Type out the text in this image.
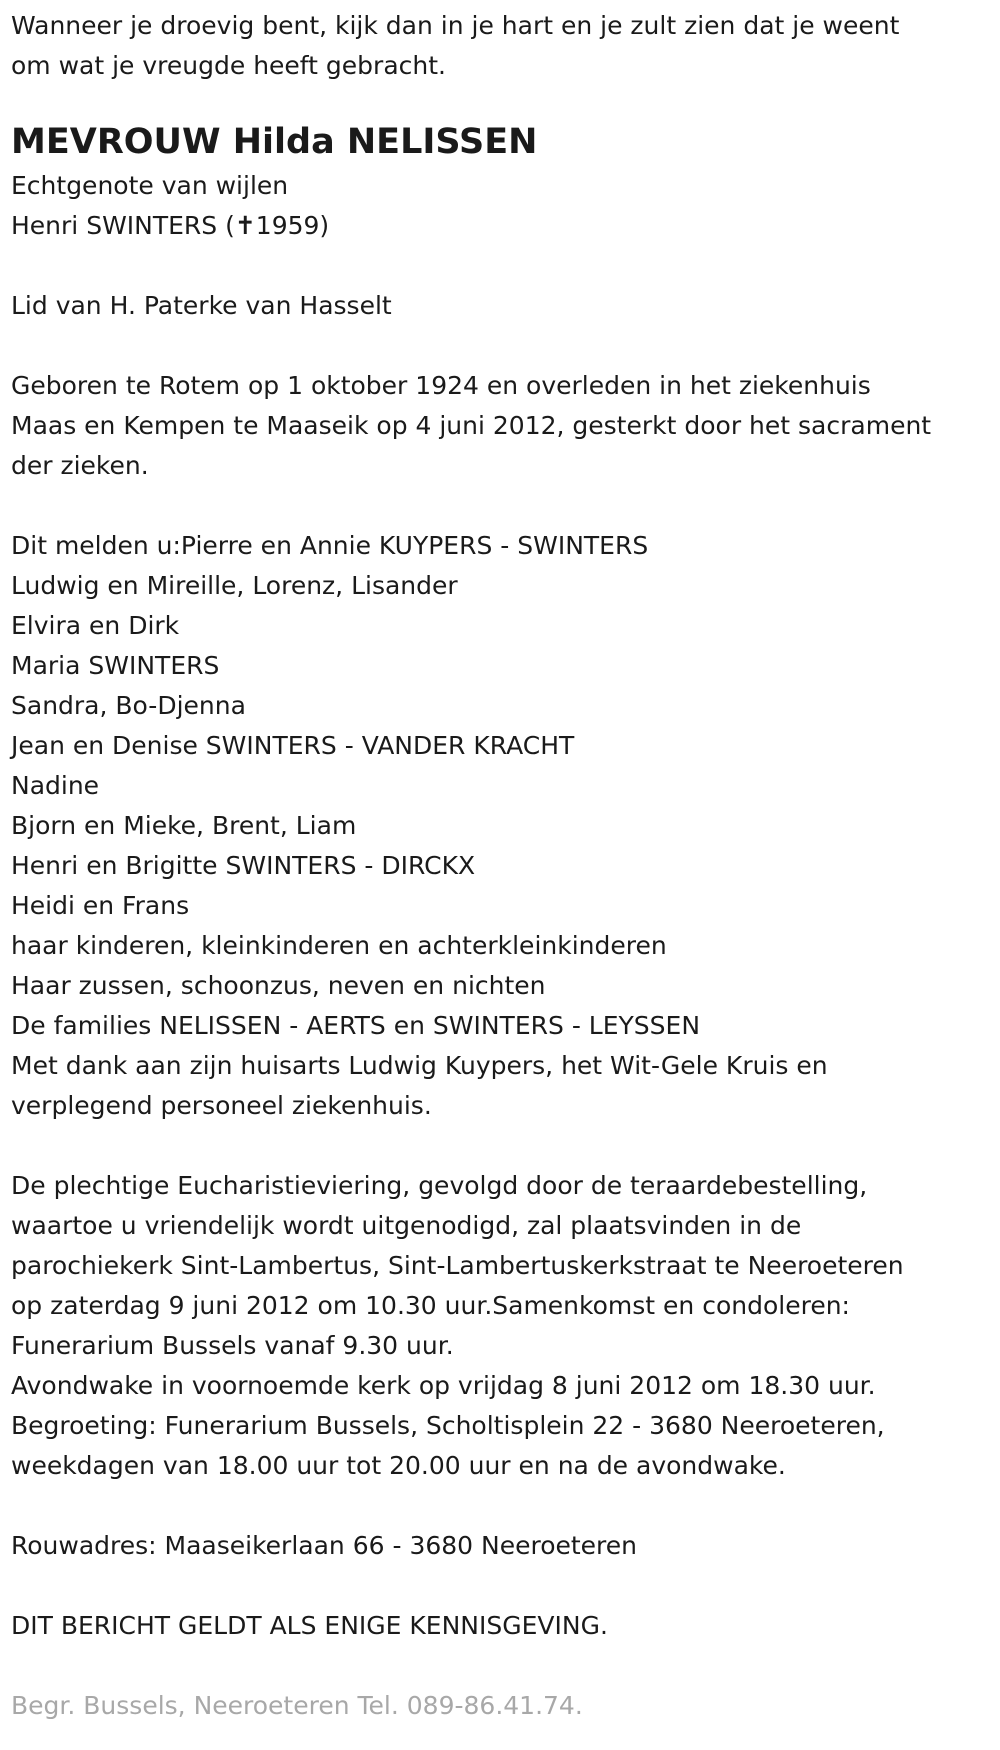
Wanneer je droevig bent, kijk dan in je hart en je zult zien dat je weent
om wat je vreugde heeft gebracht.
MEVROUW Hilda NELISSEN
Echtgenote van wijlen
Henri SWINTERS (✝1959)
Lid van H. Paterke van Hasselt
Geboren te Rotem op 1 oktober 1924 en overleden in het ziekenhuis
Maas en Kempen te Maaseik op 4 juni 2012, gesterkt door het sacrament
der zieken.
Dit melden u:Pierre en Annie KUYPERS - SWINTERS
Ludwig en Mireille, Lorenz, Lisander
Elvira en Dirk
Maria SWINTERS
Sandra, Bo-Djenna
Jean en Denise SWINTERS - VANDER KRACHT
Nadine
Bjorn en Mieke, Brent, Liam
Henri en Brigitte SWINTERS - DIRCKX
Heidi en Frans
haar kinderen, kleinkinderen en achterkleinkinderen
Haar zussen, schoonzus, neven en nichten
De families NELISSEN - AERTS en SWINTERS - LEYSSEN
Met dank aan zijn huisarts Ludwig Kuypers, het Wit-Gele Kruis en
verplegend personeel ziekenhuis.
De plechtige Eucharistieviering, gevolgd door de teraardebestelling,
waartoe u vriendelijk wordt uitgenodigd, zal plaatsvinden in de
parochiekerk Sint-Lambertus, Sint-Lambertuskerkstraat te Neeroeteren
op zaterdag 9 juni 2012 om 10.30 uur.Samenkomst en condoleren:
Funerarium Bussels vanaf 9.30 uur.
Avondwake in voornoemde kerk op vrijdag 8 juni 2012 om 18.30 uur.
Begroeting: Funerarium Bussels, Scholtisplein 22 - 3680 Neeroeteren,
weekdagen van 18.00 uur tot 20.00 uur en na de avondwake.
Rouwadres: Maaseikerlaan 66 - 3680 Neeroeteren
DIT BERICHT GELDT ALS ENIGE KENNISGEVING.
Begr. Bussels, Neeroeteren Tel. 089-86.41.74.
